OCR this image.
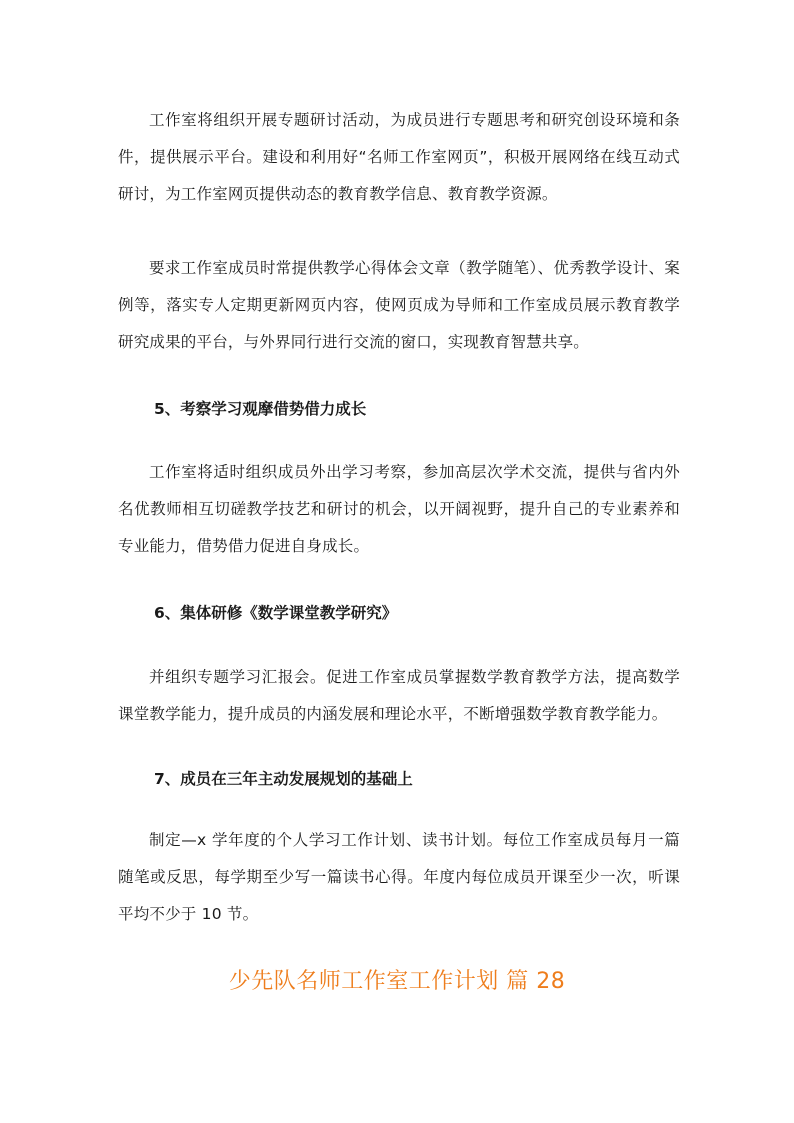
工作室将组织开展专题研讨活动，为成员进行专题思考和研究创设环境和条件，提供展示平台。建设和利用好“名师工作室网页”，积极开展网络在线互动式研讨，为工作室网页提供动态的教育教学信息、教育教学资源。

要求工作室成员时常提供教学心得体会文章（教学随笔）、优秀教学设计、案例等，落实专人定期更新网页内容，使网页成为导师和工作室成员展示教育教学研究成果的平台，与外界同行进行交流的窗口，实现教育智慧共享。

5、考察学习观摩借势借力成长

工作室将适时组织成员外出学习考察，参加高层次学术交流，提供与省内外名优教师相互切磋教学技艺和研讨的机会，以开阔视野，提升自己的专业素养和专业能力，借势借力促进自身成长。

6、集体研修《数学课堂教学研究》

并组织专题学习汇报会。促进工作室成员掌握数学教育教学方法，提高数学课堂教学能力，提升成员的内涵发展和理论水平，不断增强数学教育教学能力。

7、成员在三年主动发展规划的基础上

制定—x 学年度的个人学习工作计划、读书计划。每位工作室成员每月一篇随笔或反思，每学期至少写一篇读书心得。年度内每位成员开课至少一次，听课平均不少于 10 节。

少先队名师工作室工作计划 篇 28
